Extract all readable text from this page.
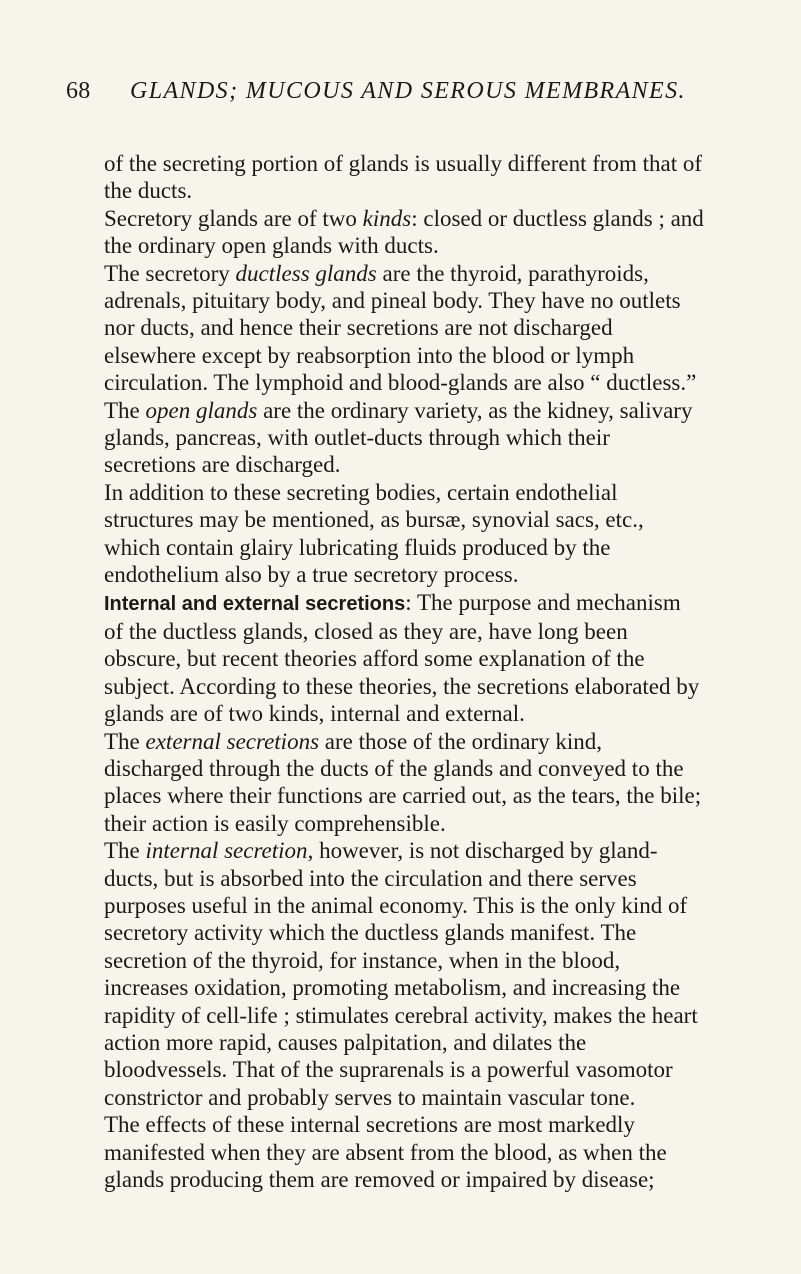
68 GLANDS; MUCOUS AND SEROUS MEMBRANES.

of the secreting portion of glands is usually different from that of the ducts.

Secretory glands are of two kinds: closed or ductless glands ; and the ordinary open glands with ducts.

The secretory ductless glands are the thyroid, parathyroids, adrenals, pituitary body, and pineal body. They have no outlets nor ducts, and hence their secretions are not discharged elsewhere except by reabsorption into the blood or lymph circulation. The lymphoid and blood-glands are also “ ductless.”

The open glands are the ordinary variety, as the kidney, salivary glands, pancreas, with outlet-ducts through which their secretions are discharged.

In addition to these secreting bodies, certain endothelial structures may be mentioned, as bursæ, synovial sacs, etc., which contain glairy lubricating fluids produced by the endothelium also by a true secretory process.

Internal and external secretions: The purpose and mechanism of the ductless glands, closed as they are, have long been obscure, but recent theories afford some explanation of the subject. According to these theories, the secretions elaborated by glands are of two kinds, internal and external.

The external secretions are those of the ordinary kind, discharged through the ducts of the glands and conveyed to the places where their functions are carried out, as the tears, the bile; their action is easily comprehensible.

The internal secretion, however, is not discharged by gland-ducts, but is absorbed into the circulation and there serves purposes useful in the animal economy. This is the only kind of secretory activity which the ductless glands manifest. The secretion of the thyroid, for instance, when in the blood, increases oxidation, promoting metabolism, and increasing the rapidity of cell-life ; stimulates cerebral activity, makes the heart action more rapid, causes palpitation, and dilates the bloodvessels. That of the suprarenals is a powerful vasomotor constrictor and probably serves to maintain vascular tone.

The effects of these internal secretions are most markedly manifested when they are absent from the blood, as when the glands producing them are removed or impaired by disease;
